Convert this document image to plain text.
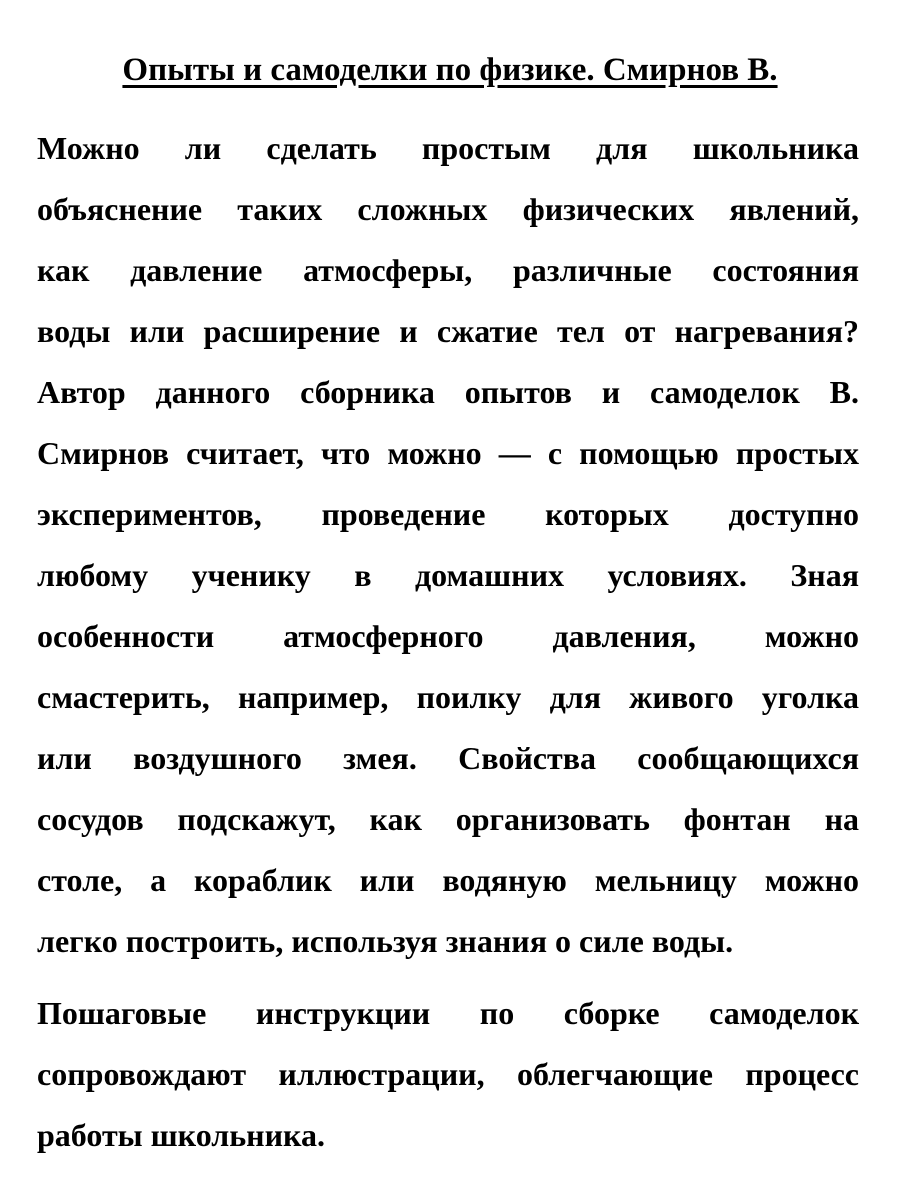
Опыты и самоделки по физике. Смирнов В.

Можно ли сделать простым для школьника
объяснение таких сложных физических явлений,
как давление атмосферы, различные состояния
воды или расширение и сжатие тел от нагревания?
Автор данного сборника опытов и самоделок В.
Смирнов считает, что можно — с помощью простых
экспериментов, проведение которых доступно
любому ученику в домашних условиях. Зная
особенности атмосферного давления, можно
смастерить, например, поилку для живого уголка
или воздушного змея. Свойства сообщающихся
сосудов подскажут, как организовать фонтан на
столе, а кораблик или водяную мельницу можно
легко построить, используя знания о силе воды.

Пошаговые инструкции по сборке самоделок
сопровождают иллюстрации, облегчающие процесс
работы школьника.
